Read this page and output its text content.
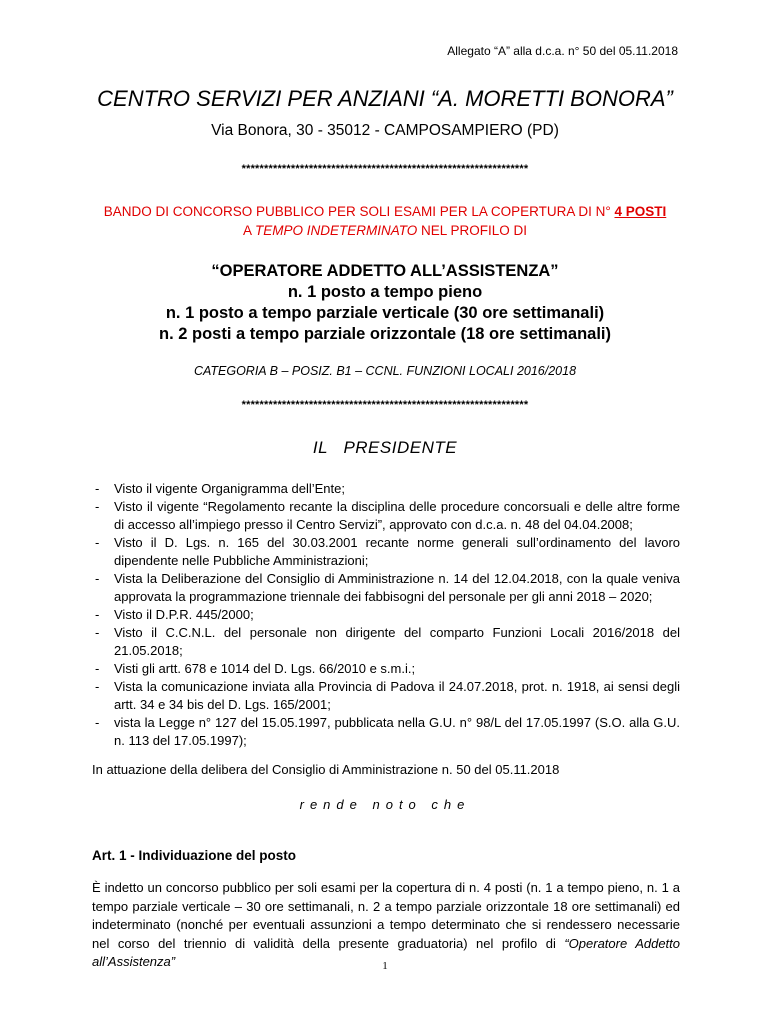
Allegato “A” alla d.c.a. n° 50 del 05.11.2018
CENTRO SERVIZI PER ANZIANI “A. MORETTI BONORA”
Via Bonora, 30 - 35012 - CAMPOSAMPIERO (PD)
****************************************************************
BANDO DI CONCORSO PUBBLICO PER SOLI ESAMI PER LA COPERTURA DI N° 4 POSTI
A TEMPO INDETERMINATO NEL PROFILO DI
“OPERATORE ADDETTO ALL’ASSISTENZA”
n. 1 posto a tempo pieno
n. 1 posto a tempo parziale verticale (30 ore settimanali)
n. 2 posti a tempo parziale orizzontale (18 ore settimanali)
CATEGORIA B – POSIZ. B1 – CCNL. FUNZIONI LOCALI 2016/2018
****************************************************************
IL   PRESIDENTE
- Visto il vigente Organigramma dell’Ente;
- Visto il vigente “Regolamento recante la disciplina delle procedure concorsuali e delle altre forme di accesso all’impiego presso il Centro Servizi”, approvato con d.c.a. n. 48 del 04.04.2008;
- Visto il D. Lgs. n. 165 del 30.03.2001 recante norme generali sull’ordinamento del lavoro dipendente nelle Pubbliche Amministrazioni;
- Vista la Deliberazione del Consiglio di Amministrazione n. 14 del 12.04.2018, con la quale veniva approvata la programmazione triennale dei fabbisogni del personale per gli anni 2018 – 2020;
- Visto il D.P.R. 445/2000;
- Visto il C.C.N.L. del personale non dirigente del comparto Funzioni Locali 2016/2018 del 21.05.2018;
- Visti gli artt. 678 e 1014 del D. Lgs. 66/2010 e s.m.i.;
- Vista la comunicazione inviata alla Provincia di Padova il 24.07.2018, prot. n. 1918, ai sensi degli artt. 34 e 34 bis del D. Lgs. 165/2001;
- vista la Legge n° 127 del 15.05.1997, pubblicata nella G.U. n° 98/L del 17.05.1997 (S.O. alla G.U. n. 113 del 17.05.1997);
In attuazione della delibera del Consiglio di Amministrazione n. 50 del 05.11.2018
rende noto che
Art. 1 - Individuazione del posto
È indetto un concorso pubblico per soli esami per la copertura di n. 4 posti (n. 1 a tempo pieno, n. 1 a tempo parziale verticale – 30 ore settimanali, n. 2 a tempo parziale orizzontale 18 ore settimanali) ed indeterminato (nonché per eventuali assunzioni a tempo determinato che si rendessero necessarie nel corso del triennio di validità della presente graduatoria) nel profilo di “Operatore Addetto all’Assistenza”	1
